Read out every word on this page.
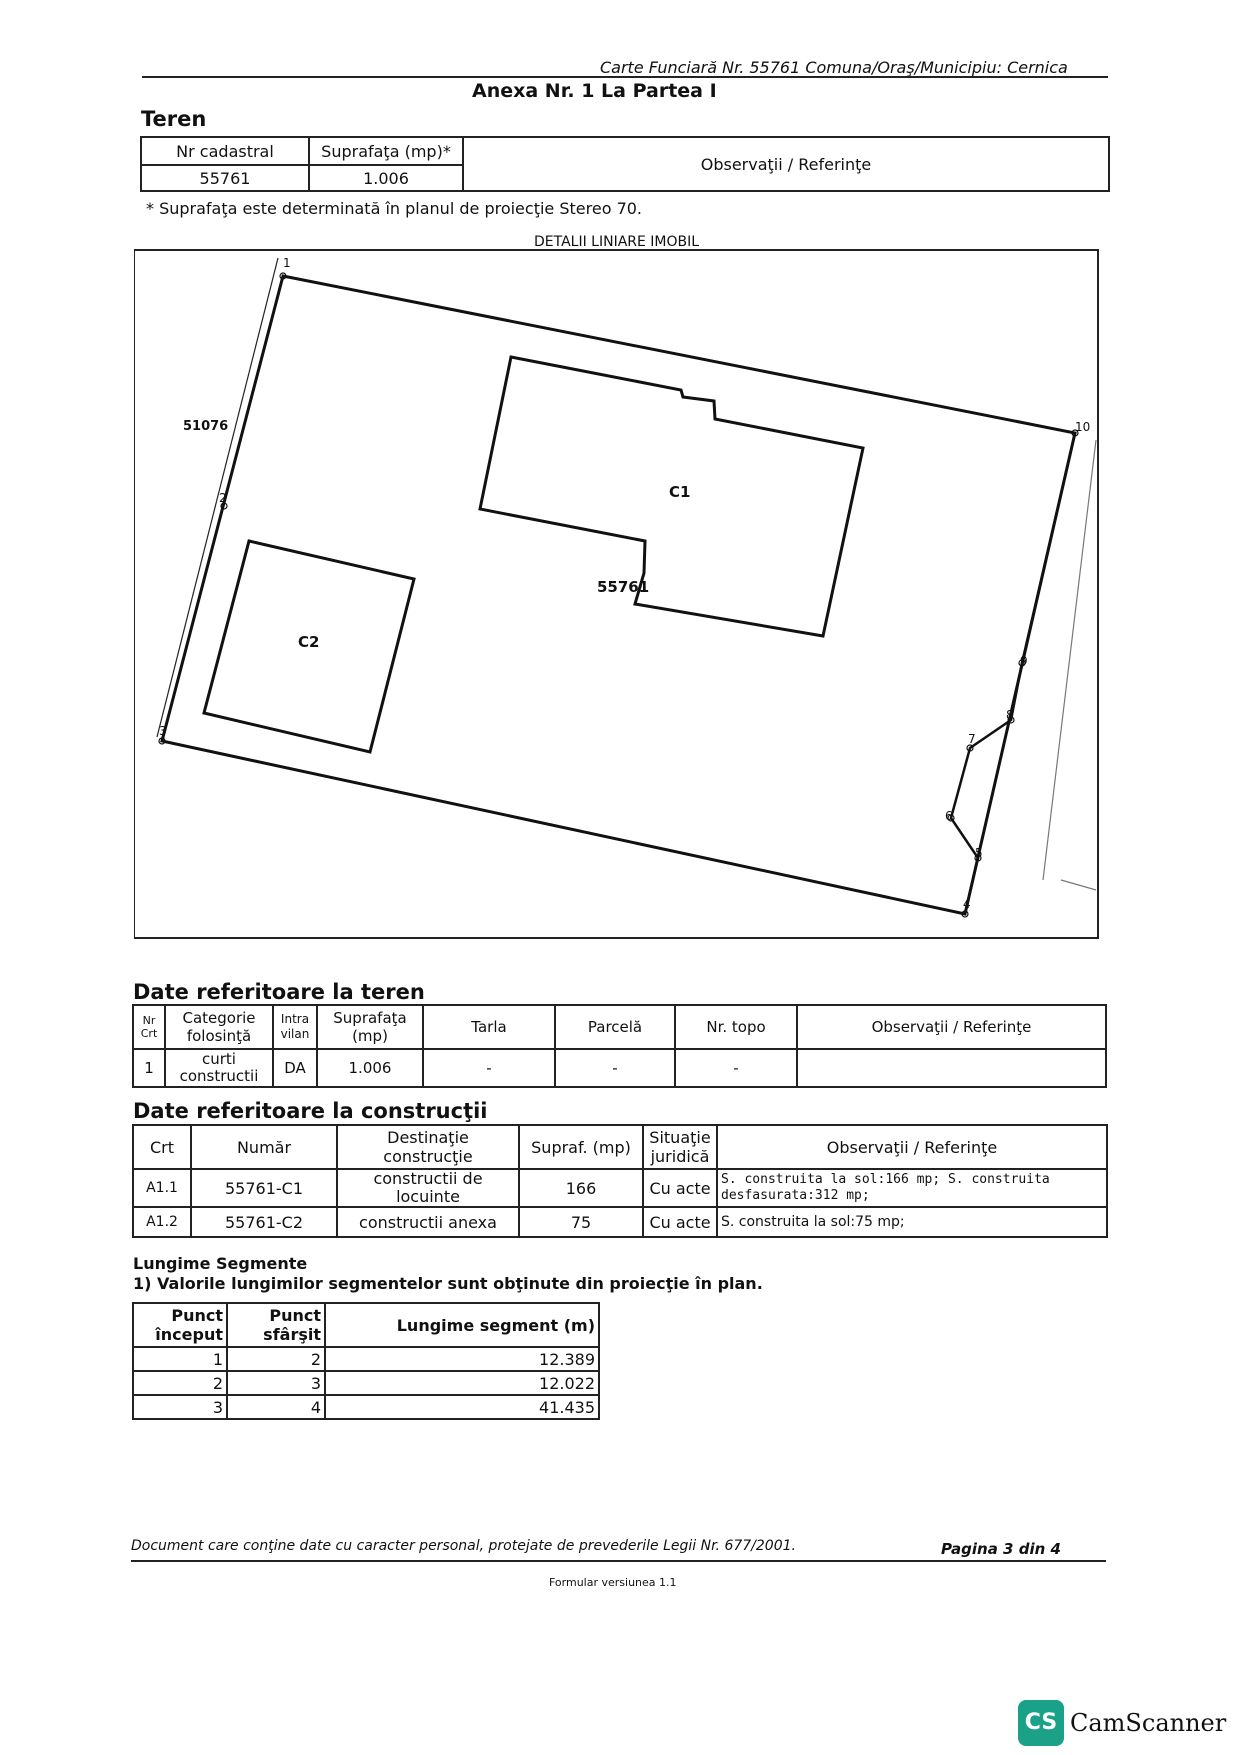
Carte Funciară Nr. 55761 Comuna/Oraş/Municipiu: Cernica
Anexa Nr. 1 La Partea I
Teren
Nr cadastral	Suprafaţa (mp)*	Observaţii / Referinţe
55761	1.006	
* Suprafaţa este determinată în planul de proiecţie Stereo 70.
DETALII LINIARE IMOBIL
1
2
3
4
5
6
7
8
9
10
51076
C1
C2
55761
Date referitoare la teren
Nr Crt	Categorie folosinţă	Intra vilan	Suprafaţa (mp)	Tarla	Parcelă	Nr. topo	Observaţii / Referinţe
1	curti constructii	DA	1.006	-	-	-	
Date referitoare la construcţii
Crt	Număr	Destinaţie construcţie	Supraf. (mp)	Situaţie juridică	Observaţii / Referinţe
A1.1	55761-C1	constructii de locuinte	166	Cu acte	S. construita la sol:166 mp; S. construita desfasurata:312 mp;
A1.2	55761-C2	constructii anexa	75	Cu acte	S. construita la sol:75 mp;
Lungime Segmente
1) Valorile lungimilor segmentelor sunt obţinute din proiecţie în plan.
Punct început	Punct sfârşit	Lungime segment (m)
1	2	12.389
2	3	12.022
3	4	41.435
Document care conţine date cu caracter personal, protejate de prevederile Legii Nr. 677/2001.	Pagina 3 din 4
Formular versiunea 1.1
CS CamScanner
